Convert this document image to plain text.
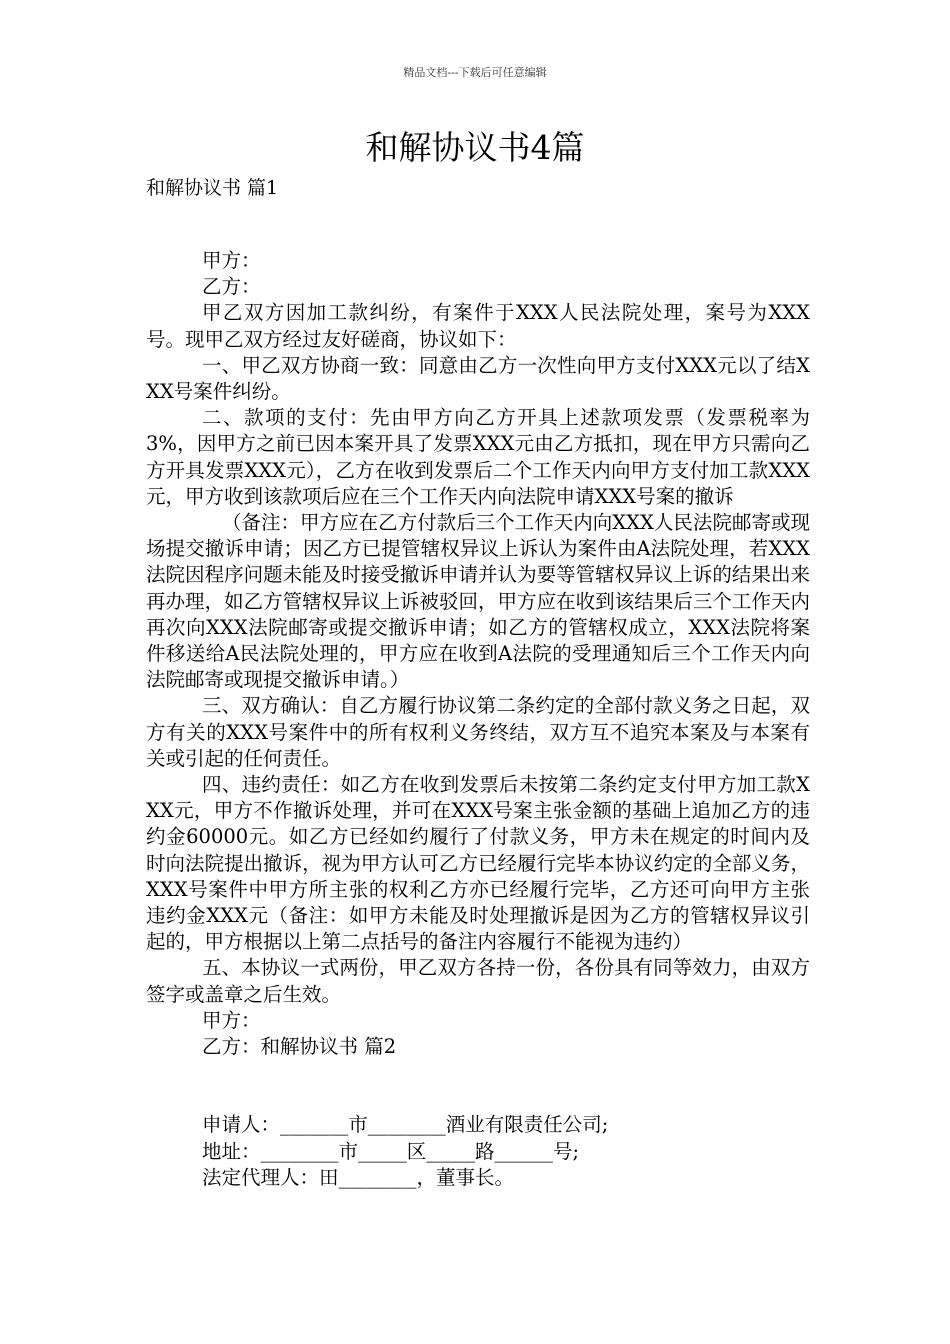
精品文档---下载后可任意编辑
和解协议书4篇
和解协议书 篇1

甲方：

乙方：

甲乙双方因加工款纠纷，有案件于XXX人民法院处理，案号为XXX号。现甲乙双方经过友好磋商，协议如下：

一、甲乙双方协商一致：同意由乙方一次性向甲方支付XXX元以了结XXX号案件纠纷。

二、款项的支付：先由甲方向乙方开具上述款项发票（发票税率为3%，因甲方之前已因本案开具了发票XXX元由乙方抵扣，现在甲方只需向乙方开具发票XXX元），乙方在收到发票后二个工作天内向甲方支付加工款XXX元，甲方收到该款项后应在三个工作天内向法院申请XXX号案的撤诉

（备注：甲方应在乙方付款后三个工作天内向XXX人民法院邮寄或现场提交撤诉申请；因乙方已提管辖权异议上诉认为案件由A法院处理，若XXX法院因程序问题未能及时接受撤诉申请并认为要等管辖权异议上诉的结果出来再办理，如乙方管辖权异议上诉被驳回，甲方应在收到该结果后三个工作天内再次向XXX法院邮寄或提交撤诉申请；如乙方的管辖权成立，XXX法院将案件移送给A民法院处理的，甲方应在收到A法院的受理通知后三个工作天内向法院邮寄或现提交撤诉申请。）

三、双方确认：自乙方履行协议第二条约定的全部付款义务之日起，双方有关的XXX号案件中的所有权利义务终结，双方互不追究本案及与本案有关或引起的任何责任。

四、违约责任：如乙方在收到发票后未按第二条约定支付甲方加工款XXX元，甲方不作撤诉处理，并可在XXX号案主张金额的基础上追加乙方的违约金60000元。如乙方已经如约履行了付款义务，甲方未在规定的时间内及时向法院提出撤诉，视为甲方认可乙方已经履行完毕本协议约定的全部义务，XXX号案件中甲方所主张的权利乙方亦已经履行完毕，乙方还可向甲方主张违约金XXX元（备注：如甲方未能及时处理撤诉是因为乙方的管辖权异议引起的，甲方根据以上第二点括号的备注内容履行不能视为违约）

五、本协议一式两份，甲乙双方各持一份，各份具有同等效力，由双方签字或盖章之后生效。

甲方：

乙方：和解协议书 篇2

申请人：_______市________酒业有限责任公司;

地址：________市_____区_____路______号;

法定代理人：田________，董事长。
